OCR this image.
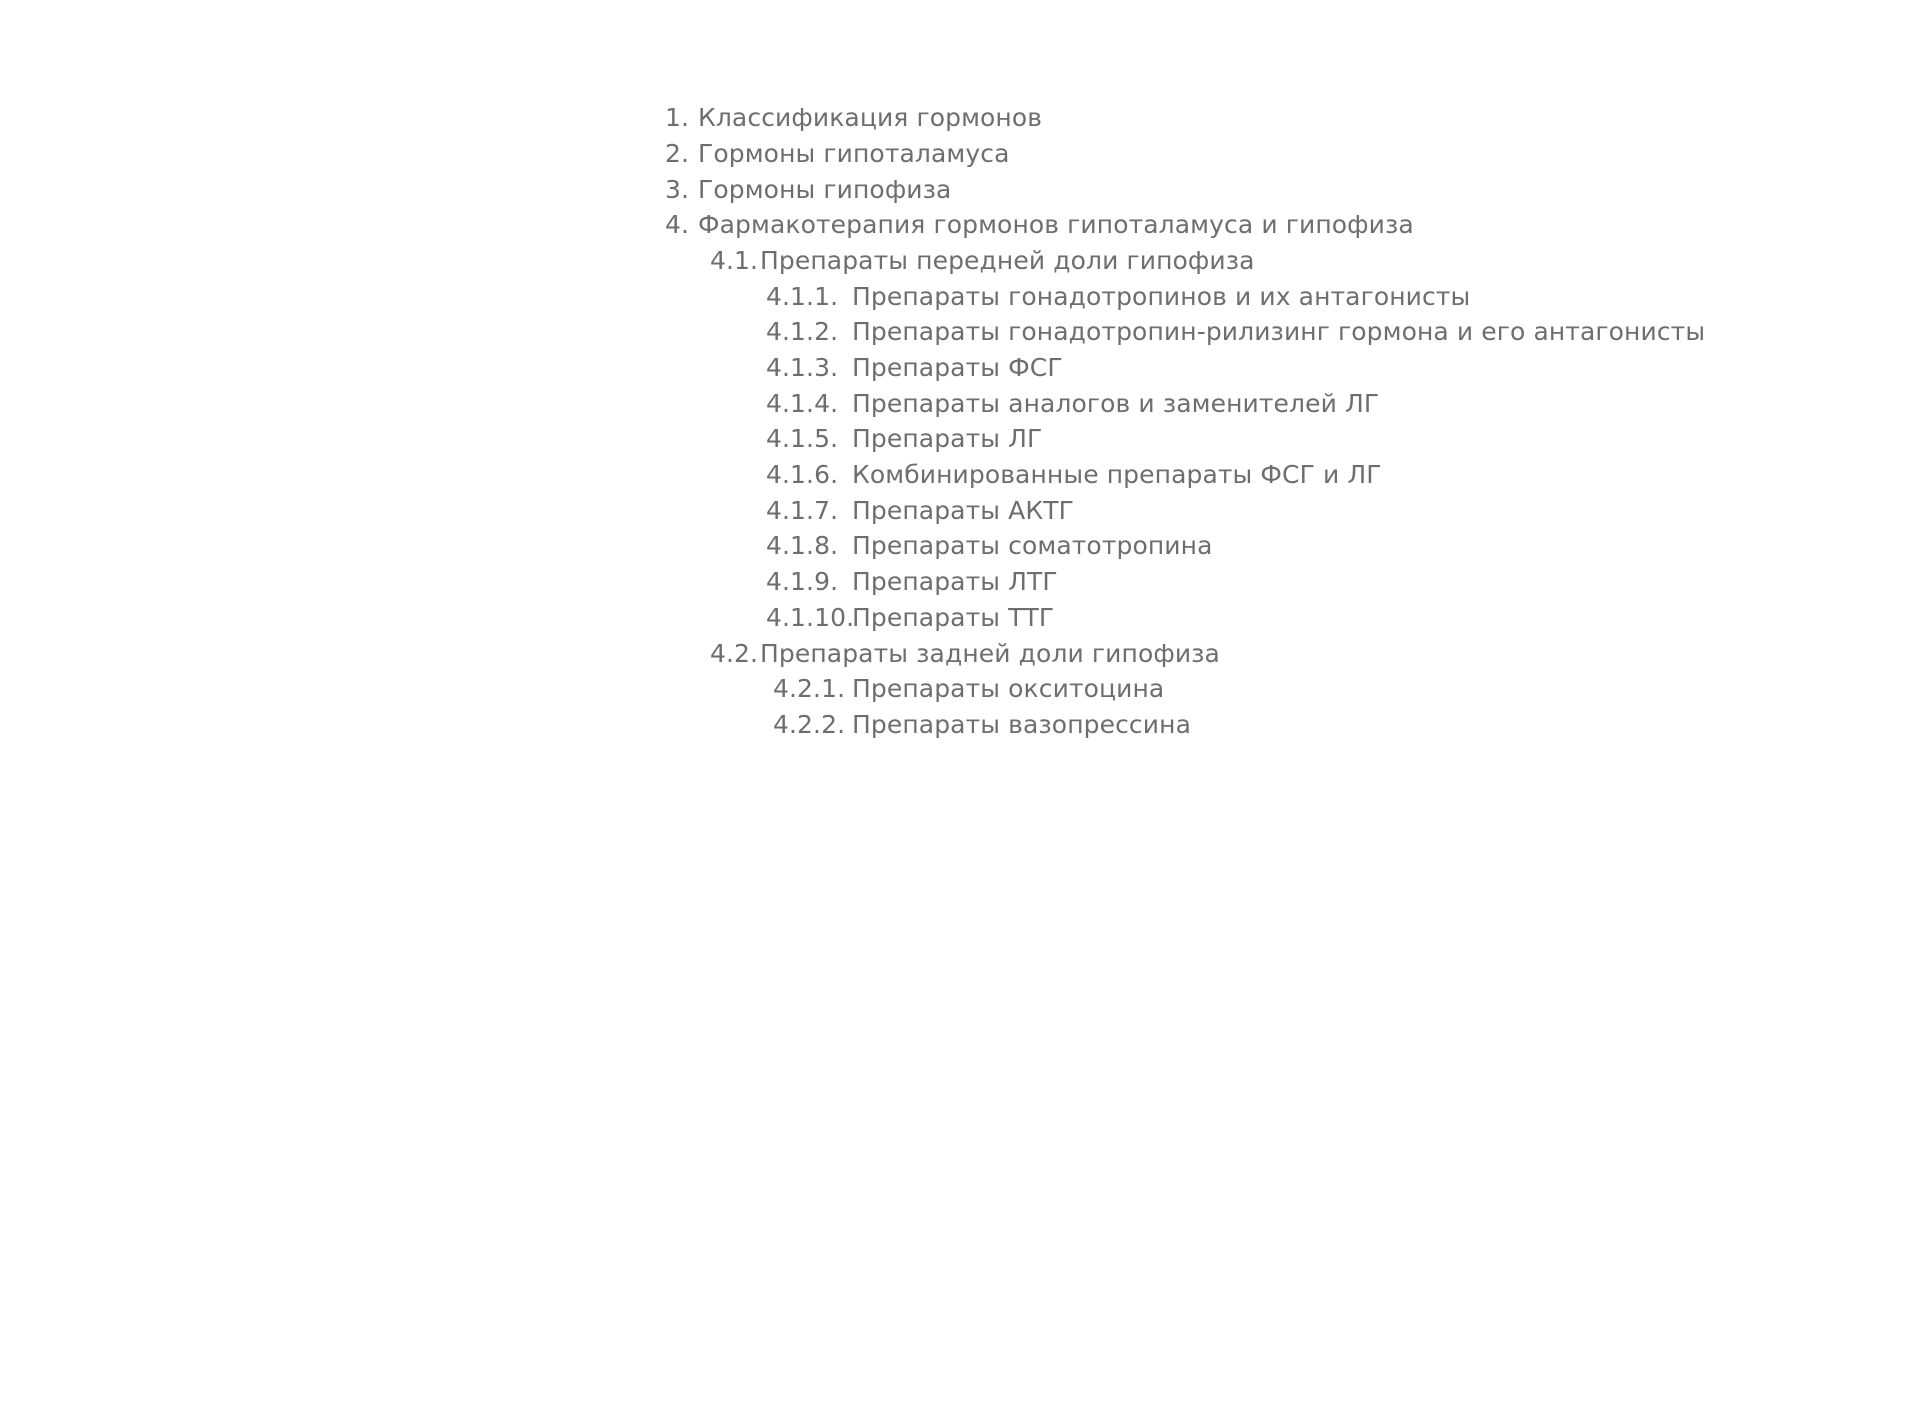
1. Классификация гормонов
2. Гормоны гипоталамуса
3. Гормоны гипофиза
4. Фармакотерапия гормонов гипоталамуса и гипофиза
4.1. Препараты передней доли гипофиза
4.1.1. Препараты гонадотропинов и их антагонисты
4.1.2. Препараты гонадотропин-рилизинг гормона и его антагонисты
4.1.3. Препараты ФСГ
4.1.4. Препараты аналогов и заменителей ЛГ
4.1.5. Препараты ЛГ
4.1.6. Комбинированные препараты ФСГ и ЛГ
4.1.7. Препараты АКТГ
4.1.8. Препараты соматотропина
4.1.9. Препараты ЛТГ
4.1.10.
Препараты ТТГ
4.2. Препараты задней доли гипофиза
4.2.1. Препараты окситоцина
4.2.2. Препараты вазопрессина
